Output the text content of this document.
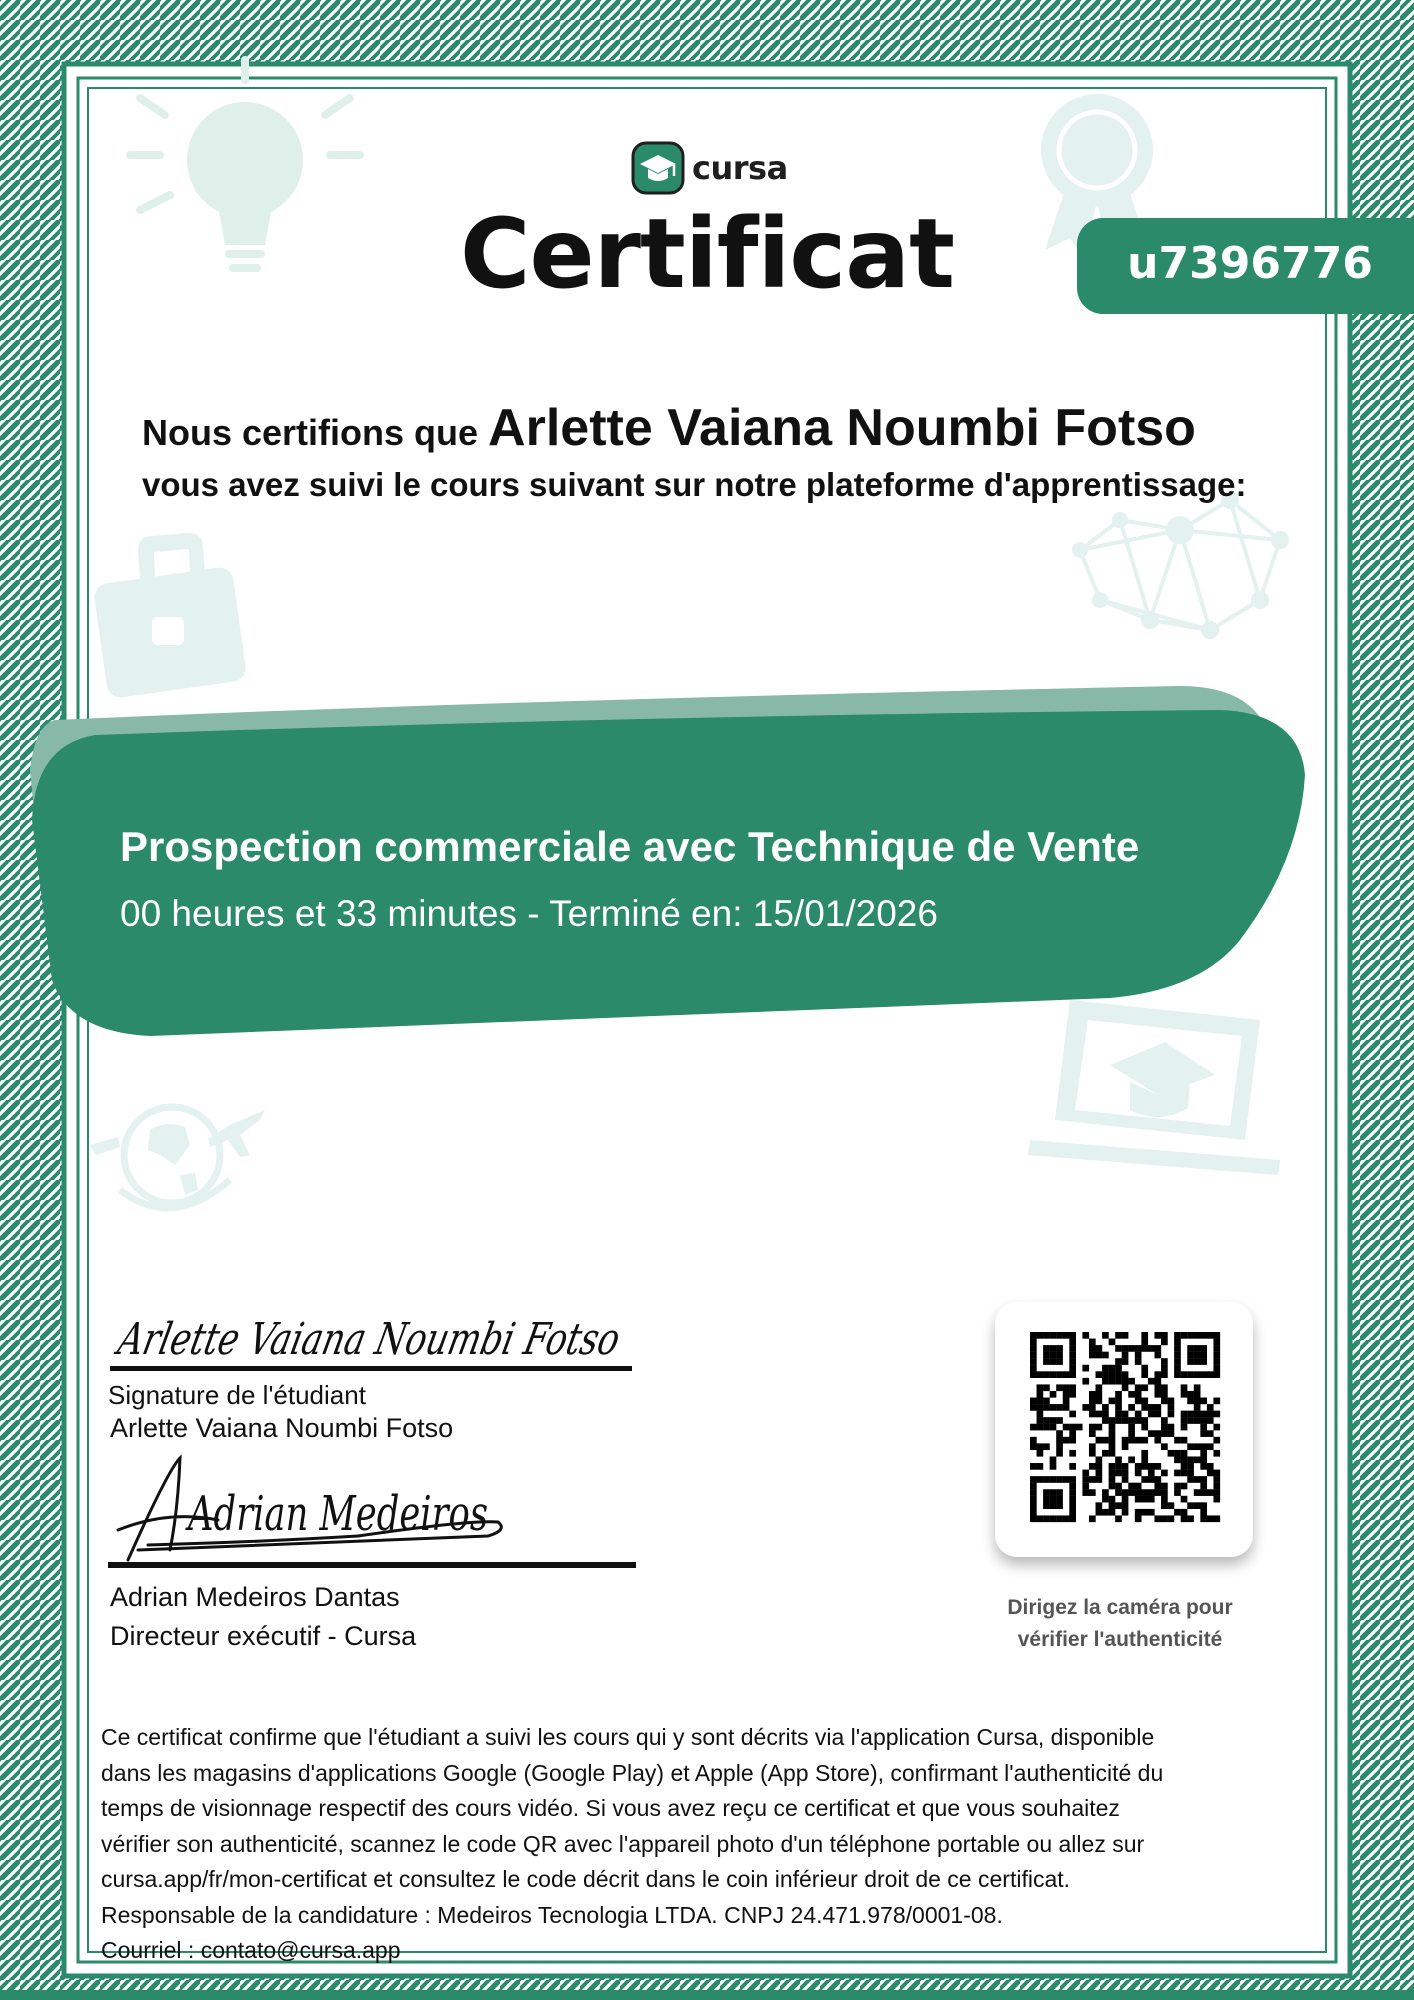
cursa
Certificat	u7396776
Nous certifions que Arlette Vaiana Noumbi Fotso
vous avez suivi le cours suivant sur notre plateforme d'apprentissage:
Prospection commerciale avec Technique de Vente
00 heures et 33 minutes - Terminé en: 15/01/2026
Arlette Vaiana Noumbi Fotso
Signature de l'étudiant
Arlette Vaiana Noumbi Fotso
Adrian Medeiros
Adrian Medeiros Dantas
Directeur exécutif - Cursa
Dirigez la caméra pour
vérifier l'authenticité

Ce certificat confirme que l'étudiant a suivi les cours qui y sont décrits via l'application Cursa, disponible

dans les magasins d'applications Google (Google Play) et Apple (App Store), confirmant l'authenticité du

temps de visionnage respectif des cours vidéo. Si vous avez reçu ce certificat et que vous souhaitez

vérifier son authenticité, scannez le code QR avec l'appareil photo d'un téléphone portable ou allez sur

cursa.app/fr/mon-certificat et consultez le code décrit dans le coin inférieur droit de ce certificat.

Responsable de la candidature : Medeiros Tecnologia LTDA. CNPJ 24.471.978/0001-08.

Courriel : contato@cursa.app
